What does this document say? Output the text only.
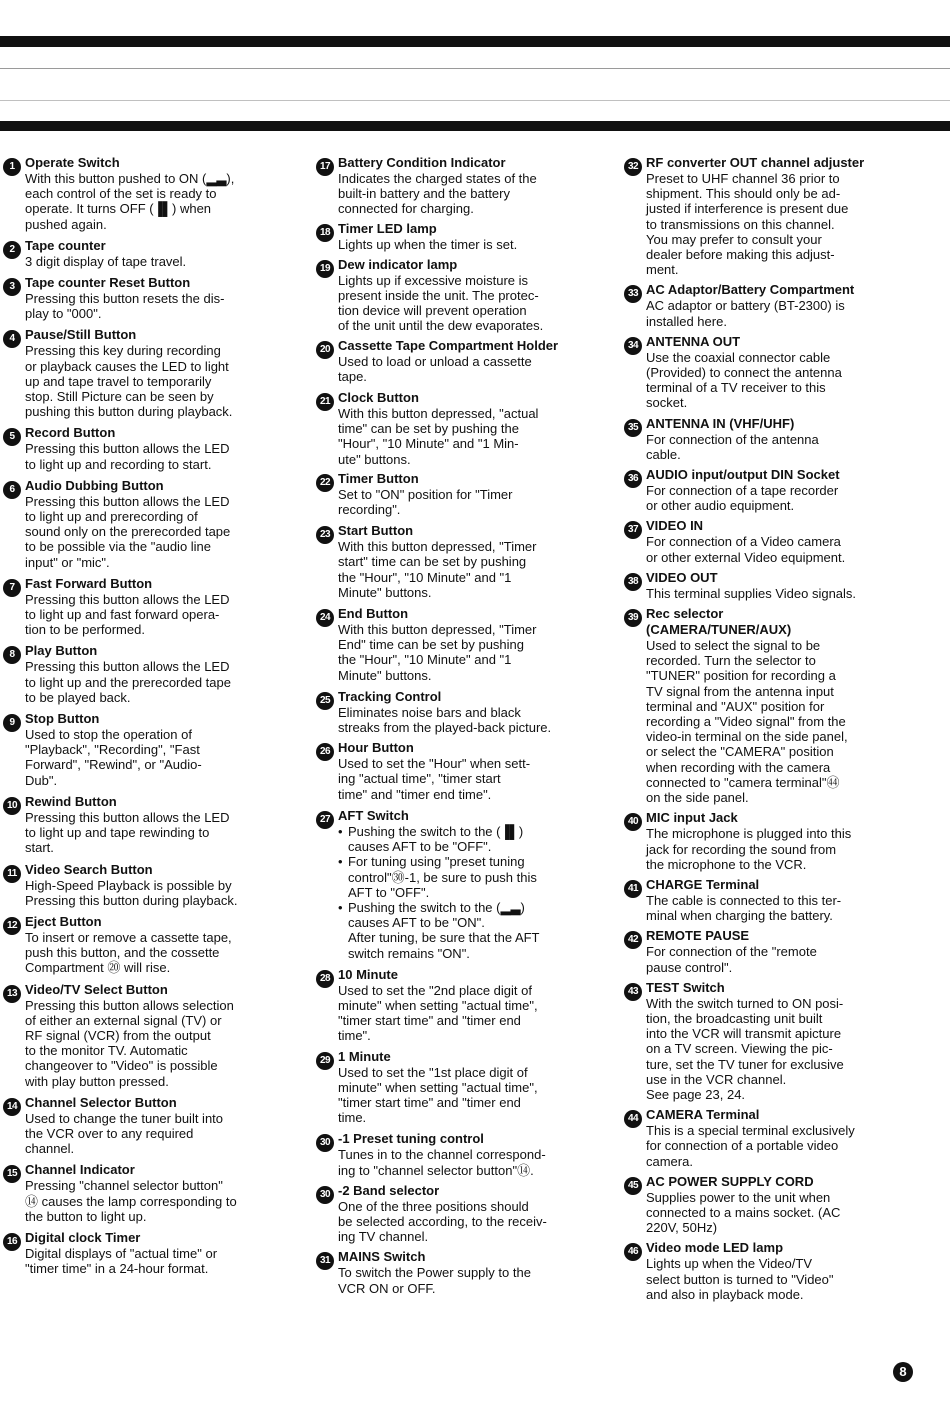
1 Operate Switch
With this button pushed to ON (▂▃),
each control of the set is ready to
operate. It turns OFF (▐▌) when
pushed again.
2 Tape counter
3 digit display of tape travel.
3 Tape counter Reset Button
Pressing this button resets the dis-
play to "000".
4 Pause/Still Button
Pressing this key during recording
or playback causes the LED to light
up and tape travel to temporarily
stop. Still Picture can be seen by
pushing this button during playback.
5 Record Button
Pressing this button allows the LED
to light up and recording to start.
6 Audio Dubbing Button
Pressing this button allows the LED
to light up and prerecording of
sound only on the prerecorded tape
to be possible via the "audio line
input" or "mic".
7 Fast Forward Button
Pressing this button allows the LED
to light up and fast forward opera-
tion to be performed.
8 Play Button
Pressing this button allows the LED
to light up and the prerecorded tape
to be played back.
9 Stop Button
Used to stop the operation of
"Playback", "Recording", "Fast
Forward", "Rewind", or "Audio-
Dub".
10 Rewind Button
Pressing this button allows the LED
to light up and tape rewinding to
start.
11 Video Search Button
High-Speed Playback is possible by
Pressing this button during playback.
12 Eject Button
To insert or remove a cassette tape,
push this button, and the cossette
Compartment ⑳ will rise.
13 Video/TV Select Button
Pressing this button allows selection
of either an external signal (TV) or
RF signal (VCR) from the output
to the monitor TV. Automatic
changeover to "Video" is possible
with play button pressed.
14 Channel Selector Button
Used to change the tuner built into
the VCR over to any required
channel.
15 Channel Indicator
Pressing "channel selector button"
⑭ causes the lamp corresponding to
the button to light up.
16 Digital clock Timer
Digital displays of "actual time" or
"timer time" in a 24-hour format.
17 Battery Condition Indicator
Indicates the charged states of the
built-in battery and the battery
connected for charging.
18 Timer LED lamp
Lights up when the timer is set.
19 Dew indicator lamp
Lights up if excessive moisture is
present inside the unit. The protec-
tion device will prevent operation
of the unit until the dew evaporates.
20 Cassette Tape Compartment Holder
Used to load or unload a cassette
tape.
21 Clock Button
With this button depressed, "actual
time" can be set by pushing the
"Hour", "10 Minute" and "1 Min-
ute" buttons.
22 Timer Button
Set to "ON" position for "Timer
recording".
23 Start Button
With this button depressed, "Timer
start" time can be set by pushing
the "Hour", "10 Minute" and "1
Minute" buttons.
24 End Button
With this button depressed, "Timer
End" time can be set by pushing
the "Hour", "10 Minute" and "1
Minute" buttons.
25 Tracking Control
Eliminates noise bars and black
streaks from the played-back picture.
26 Hour Button
Used to set the "Hour" when sett-
ing "actual time", "timer start
time" and "timer end time".
27 AFT Switch
• Pushing the switch to the (▐▌)
causes AFT to be "OFF".
• For tuning using "preset tuning
control"㉚-1, be sure to push this
AFT to "OFF".
• Pushing the switch to the (▂▃)
causes AFT to be "ON".
After tuning, be sure that the AFT
switch remains "ON".
28 10 Minute
Used to set the "2nd place digit of
minute" when setting "actual time",
"timer start time" and "timer end
time".
29 1 Minute
Used to set the "1st place digit of
minute" when setting "actual time",
"timer start time" and "timer end
time.
30 -1 Preset tuning control
Tunes in to the channel correspond-
ing to "channel selector button"⑭.
30 -2 Band selector
One of the three positions should
be selected according, to the receiv-
ing TV channel.
31 MAINS Switch
To switch the Power supply to the
VCR ON or OFF.
32 RF converter OUT channel adjuster
Preset to UHF channel 36 prior to
shipment. This should only be ad-
justed if interference is present due
to transmissions on this channel.
You may prefer to consult your
dealer before making this adjust-
ment.
33 AC Adaptor/Battery Compartment
AC adaptor or battery (BT-2300) is
installed here.
34 ANTENNA OUT
Use the coaxial connector cable
(Provided) to connect the antenna
terminal of a TV receiver to this
socket.
35 ANTENNA IN (VHF/UHF)
For connection of the antenna
cable.
36 AUDIO input/output DIN Socket
For connection of a tape recorder
or other audio equipment.
37 VIDEO IN
For connection of a Video camera
or other external Video equipment.
38 VIDEO OUT
This terminal supplies Video signals.
39 Rec selector
(CAMERA/TUNER/AUX)
Used to select the signal to be
recorded. Turn the selector to
"TUNER" position for recording a
TV signal from the antenna input
terminal and "AUX" position for
recording a "Video signal" from the
video-in terminal on the side panel,
or select the "CAMERA" position
when recording with the camera
connected to "camera terminal"㊹
on the side panel.
40 MIC input Jack
The microphone is plugged into this
jack for recording the sound from
the microphone to the VCR.
41 CHARGE Terminal
The cable is connected to this ter-
minal when charging the battery.
42 REMOTE PAUSE
For connection of the "remote
pause control".
43 TEST Switch
With the switch turned to ON posi-
tion, the broadcasting unit built
into the VCR will transmit apicture
on a TV screen. Viewing the pic-
ture, set the TV tuner for exclusive
use in the VCR channel.
See page 23, 24.
44 CAMERA Terminal
This is a special terminal exclusively
for connection of a portable video
camera.
45 AC POWER SUPPLY CORD
Supplies power to the unit when
connected to a mains socket. (AC
220V, 50Hz)
46 Video mode LED lamp
Lights up when the Video/TV
select button is turned to "Video"
and also in playback mode.
8
